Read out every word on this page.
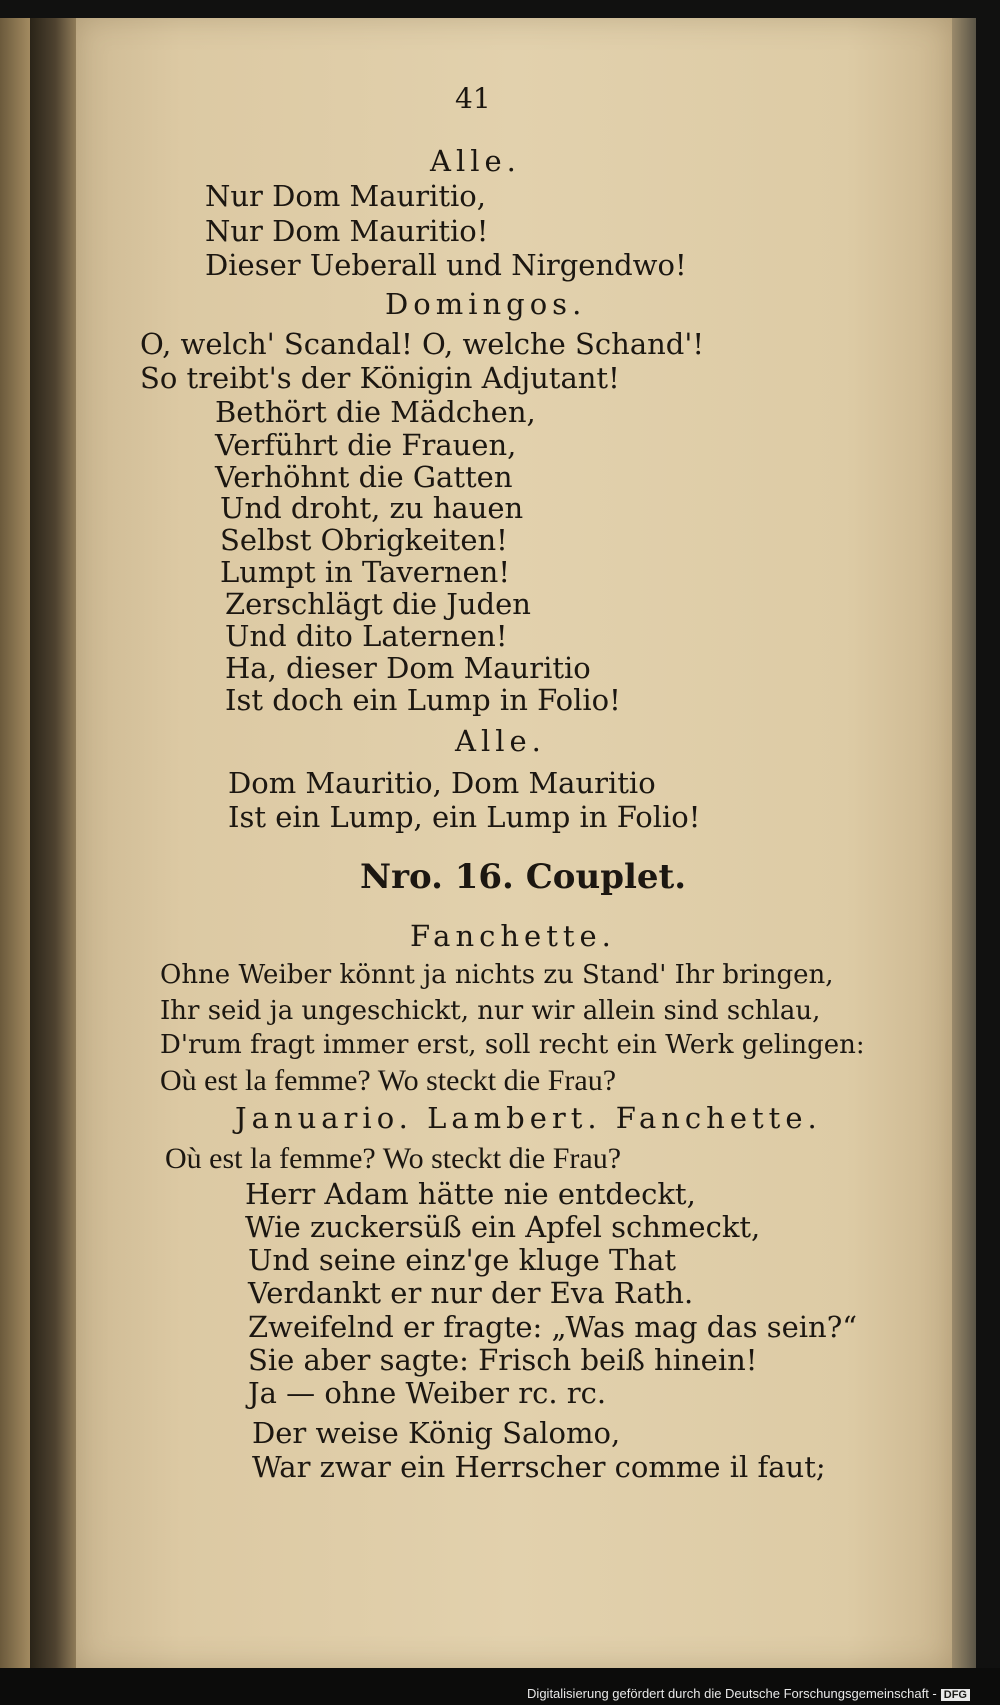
41
Alle.
Nur Dom Mauritio,
Nur Dom Mauritio!
Dieser Ueberall und Nirgendwo!
Domingos.
O, welch' Scandal! O, welche Schand'!
So treibt's der Königin Adjutant!
Bethört die Mädchen,
Verführt die Frauen,
Verhöhnt die Gatten
Und droht, zu hauen
Selbst Obrigkeiten!
Lumpt in Tavernen!
Zerschlägt die Juden
Und dito Laternen!
Ha, dieser Dom Mauritio
Ist doch ein Lump in Folio!
Alle.
Dom Mauritio, Dom Mauritio
Ist ein Lump, ein Lump in Folio!
Nro. 16. Couplet.
Fanchette.
Ohne Weiber könnt ja nichts zu Stand' Ihr bringen,
Ihr seid ja ungeschickt, nur wir allein sind schlau,
D'rum fragt immer erst, soll recht ein Werk gelingen:
Où est la femme? Wo steckt die Frau?
Januario. Lambert. Fanchette.
Où est la femme? Wo steckt die Frau?
Herr Adam hätte nie entdeckt,
Wie zuckersüß ein Apfel schmeckt,
Und seine einz'ge kluge That
Verdankt er nur der Eva Rath.
Zweifelnd er fragte: „Was mag das sein?“
Sie aber sagte: Frisch beiß hinein!
Ja — ohne Weiber rc. rc.
Der weise König Salomo,
War zwar ein Herrscher comme il faut;
Digitalisierung gefördert durch die Deutsche Forschungsgemeinschaft - DFG
